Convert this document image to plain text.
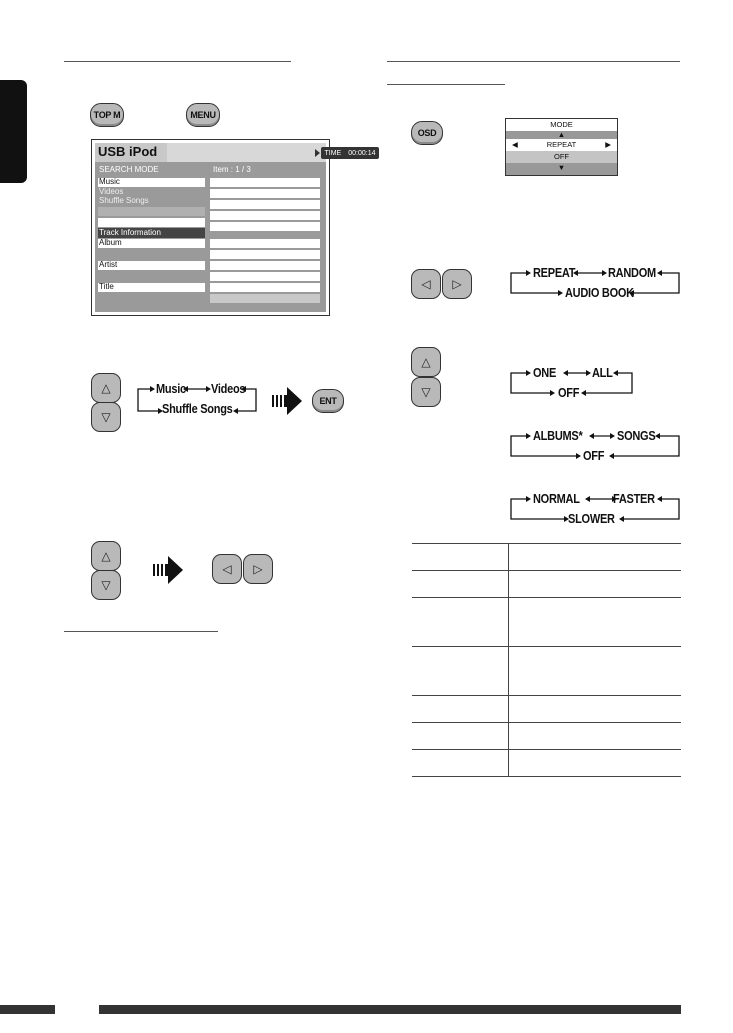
TOP M	MENU
USB iPod	TIME 00:00:14
SEARCH MODE	Item : 1 / 3
Music
Videos
Shuffle Songs
Track Information
Album
Artist
Title
△
▽
Music Videos
Shuffle Songs
ENT
△
▽
◁ ▷
OSD
MODE
▲
◀	REPEAT	▶
OFF
▼
◁ ▷
REPEAT	RANDOM
AUDIO BOOK
△
▽
ONE	ALL
OFF
ALBUMS*	SONGS
OFF
NORMAL	FASTER
SLOWER
